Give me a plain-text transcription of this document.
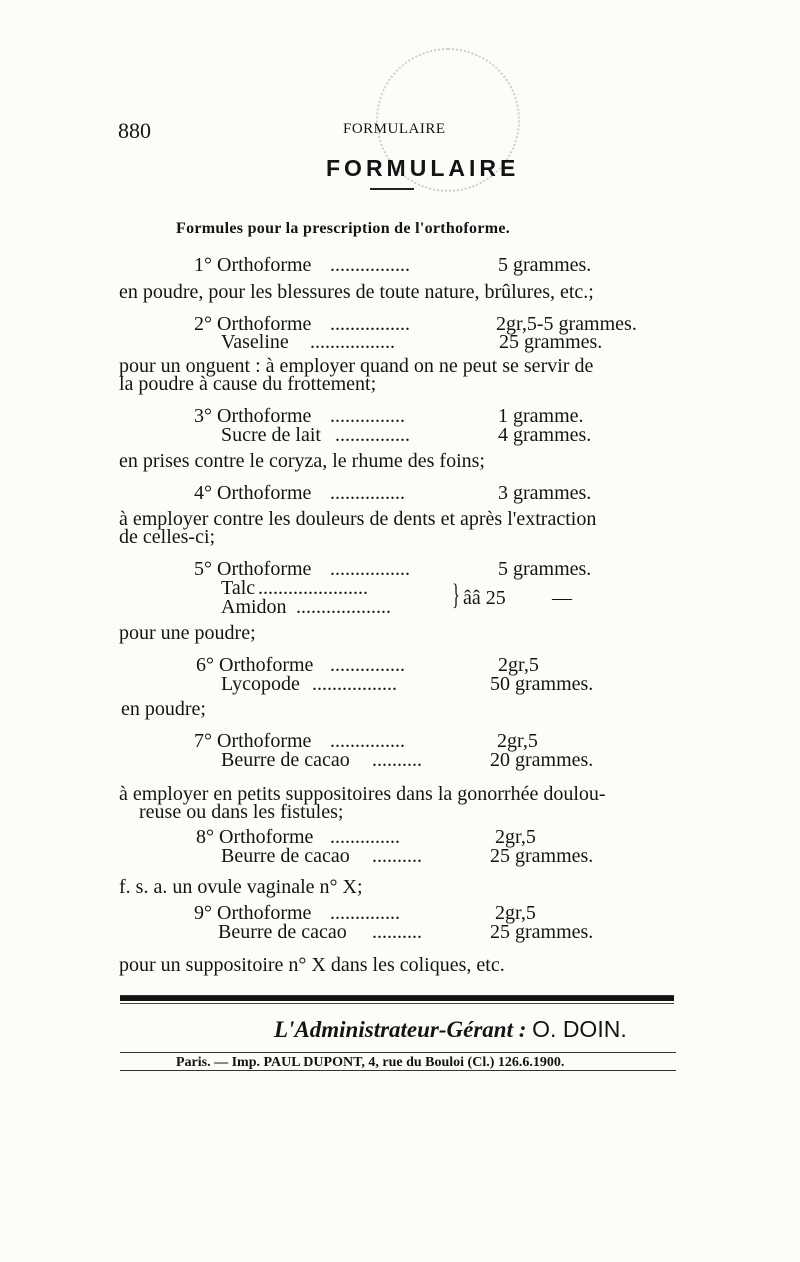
880	FORMULAIRE
FORMULAIRE
Formules pour la prescription de l'orthoforme.
1° Orthoforme ................	5 grammes.
en poudre, pour les blessures de toute nature, brûlures, etc.;
2° Orthoforme ................	2gr,5-5 grammes.
Vaseline .................	25 grammes.
pour un onguent : à employer quand on ne peut se servir de
la poudre à cause du frottement;
3° Orthoforme ...............	1 gramme.
Sucre de lait ...............	4 grammes.
en prises contre le coryza, le rhume des foins;
4° Orthoforme ...............	3 grammes.
à employer contre les douleurs de dents et après l'extraction
de celles-ci;
5° Orthoforme ................	5 grammes.
Talc ......................
Amidon ................... } ââ 25 —
pour une poudre;
6° Orthoforme ...............	2gr,5
Lycopode .................	50 grammes.
en poudre;
7° Orthoforme ...............	2gr,5
Beurre de cacao ..........	20 grammes.
à employer en petits suppositoires dans la gonorrhée doulou-
reuse ou dans les fistules;
8° Orthoforme ..............	2gr,5
Beurre de cacao ..........	25 grammes.
f. s. a. un ovule vaginale n° X;
9° Orthoforme ..............	2gr,5
Beurre de cacao ..........	25 grammes.
pour un suppositoire n° X dans les coliques, etc.
L'Administrateur-Gérant : O. DOIN.
Paris. — Imp. PAUL DUPONT, 4, rue du Bouloi (Cl.) 126.6.1900.
